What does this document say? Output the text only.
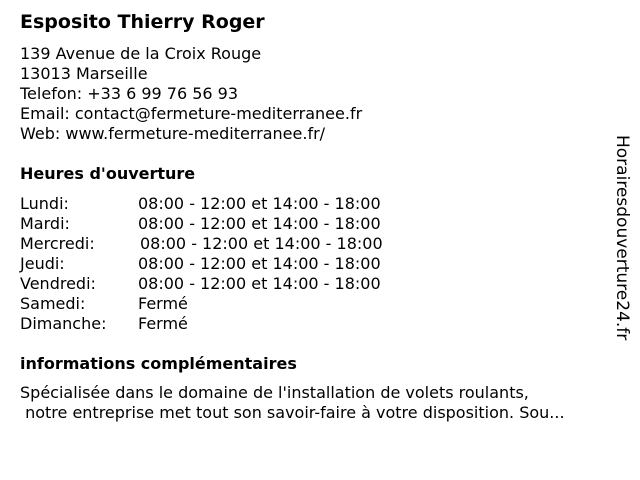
Esposito Thierry Roger
139 Avenue de la Croix Rouge
13013 Marseille
Telefon: +33 6 99 76 56 93
Email: contact@fermeture-mediterranee.fr
Web: www.fermeture-mediterranee.fr/
Heures d'ouverture
Lundi:	08:00 - 12:00 et 14:00 - 18:00
Mardi:	08:00 - 12:00 et 14:00 - 18:00
Mercredi:	08:00 - 12:00 et 14:00 - 18:00
Jeudi:	08:00 - 12:00 et 14:00 - 18:00
Vendredi:	08:00 - 12:00 et 14:00 - 18:00
Samedi:	Fermé
Dimanche: Fermé
informations complémentaires
Spécialisée dans le domaine de l'installation de volets roulants,
notre entreprise met tout son savoir-faire à votre disposition. Sou...
Horairesdouverture24.fr
